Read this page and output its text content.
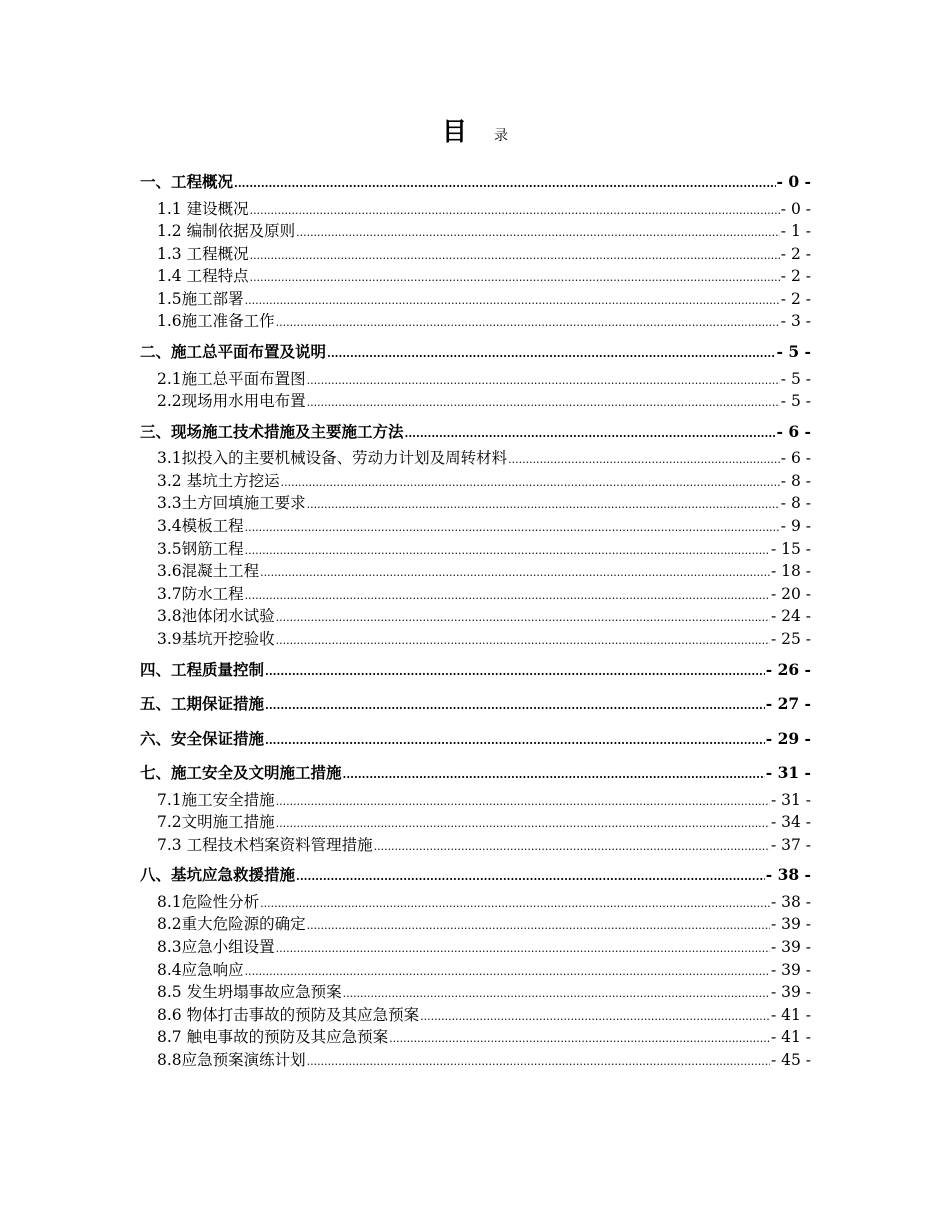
目 录
一、工程概况 .....	- 0 -
1.1 建设概况 .....	- 0 -
1.2 编制依据及原则 .....	- 1 -
1.3 工程概况 .....	- 2 -
1.4 工程特点 .....	- 2 -
1.5施工部署 .....	- 2 -
1.6施工准备工作 .....	- 3 -
二、施工总平面布置及说明 .....	- 5 -
2.1施工总平面布置图 .....	- 5 -
2.2现场用水用电布置 .....	- 5 -
三、现场施工技术措施及主要施工方法 .....	- 6 -
3.1拟投入的主要机械设备、劳动力计划及周转材料 .....	- 6 -
3.2 基坑土方挖运 .....	- 8 -
3.3土方回填施工要求 .....	- 8 -
3.4模板工程 .....	- 9 -
3.5钢筋工程 .....	- 15 -
3.6混凝土工程 .....	- 18 -
3.7防水工程 .....	- 20 -
3.8池体闭水试验 .....	- 24 -
3.9基坑开挖验收 .....	- 25 -
四、工程质量控制 .....	- 26 -
五、工期保证措施 .....	- 27 -
六、安全保证措施 .....	- 29 -
七、施工安全及文明施工措施 .....	- 31 -
7.1施工安全措施 .....	- 31 -
7.2文明施工措施 .....	- 34 -
7.3 工程技术档案资料管理措施 .....	- 37 -
八、基坑应急救援措施 .....	- 38 -
8.1危险性分析 .....	- 38 -
8.2重大危险源的确定 .....	- 39 -
8.3应急小组设置 .....	- 39 -
8.4应急响应 .....	- 39 -
8.5 发生坍塌事故应急预案 .....	- 39 -
8.6 物体打击事故的预防及其应急预案 .....	- 41 -
8.7 触电事故的预防及其应急预案 .....	- 41 -
8.8应急预案演练计划 .....	- 45 -
